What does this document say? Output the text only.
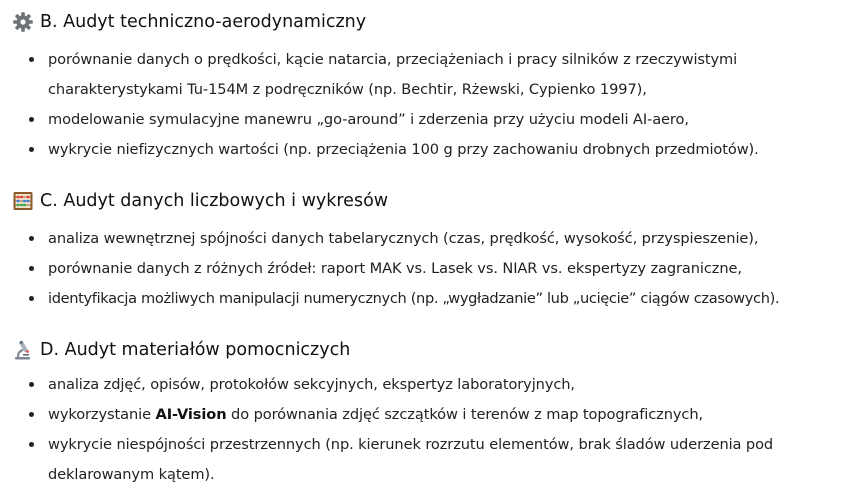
B. Audyt techniczno-aerodynamiczny
porównanie danych o prędkości, kącie natarcia, przeciążeniach i pracy silników z rzeczywistymi charakterystykami Tu-154M z podręczników (np. Bechtir, Rżewski, Cypienko 1997),
modelowanie symulacyjne manewru „go-around” i zderzenia przy użyciu modeli AI-aero,
wykrycie niefizycznych wartości (np. przeciążenia 100 g przy zachowaniu drobnych przedmiotów).
C. Audyt danych liczbowych i wykresów
analiza wewnętrznej spójności danych tabelarycznych (czas, prędkość, wysokość, przyspieszenie),
porównanie danych z różnych źródeł: raport MAK vs. Lasek vs. NIAR vs. ekspertyzy zagraniczne,
identyfikacja możliwych manipulacji numerycznych (np. „wygładzanie” lub „ucięcie” ciągów czasowych).
D. Audyt materiałów pomocniczych
analiza zdjęć, opisów, protokołów sekcyjnych, ekspertyz laboratoryjnych,
wykorzystanie AI-Vision do porównania zdjęć szczątków i terenów z map topograficznych,
wykrycie niespójności przestrzennych (np. kierunek rozrzutu elementów, brak śladów uderzenia pod deklarowanym kątem).
